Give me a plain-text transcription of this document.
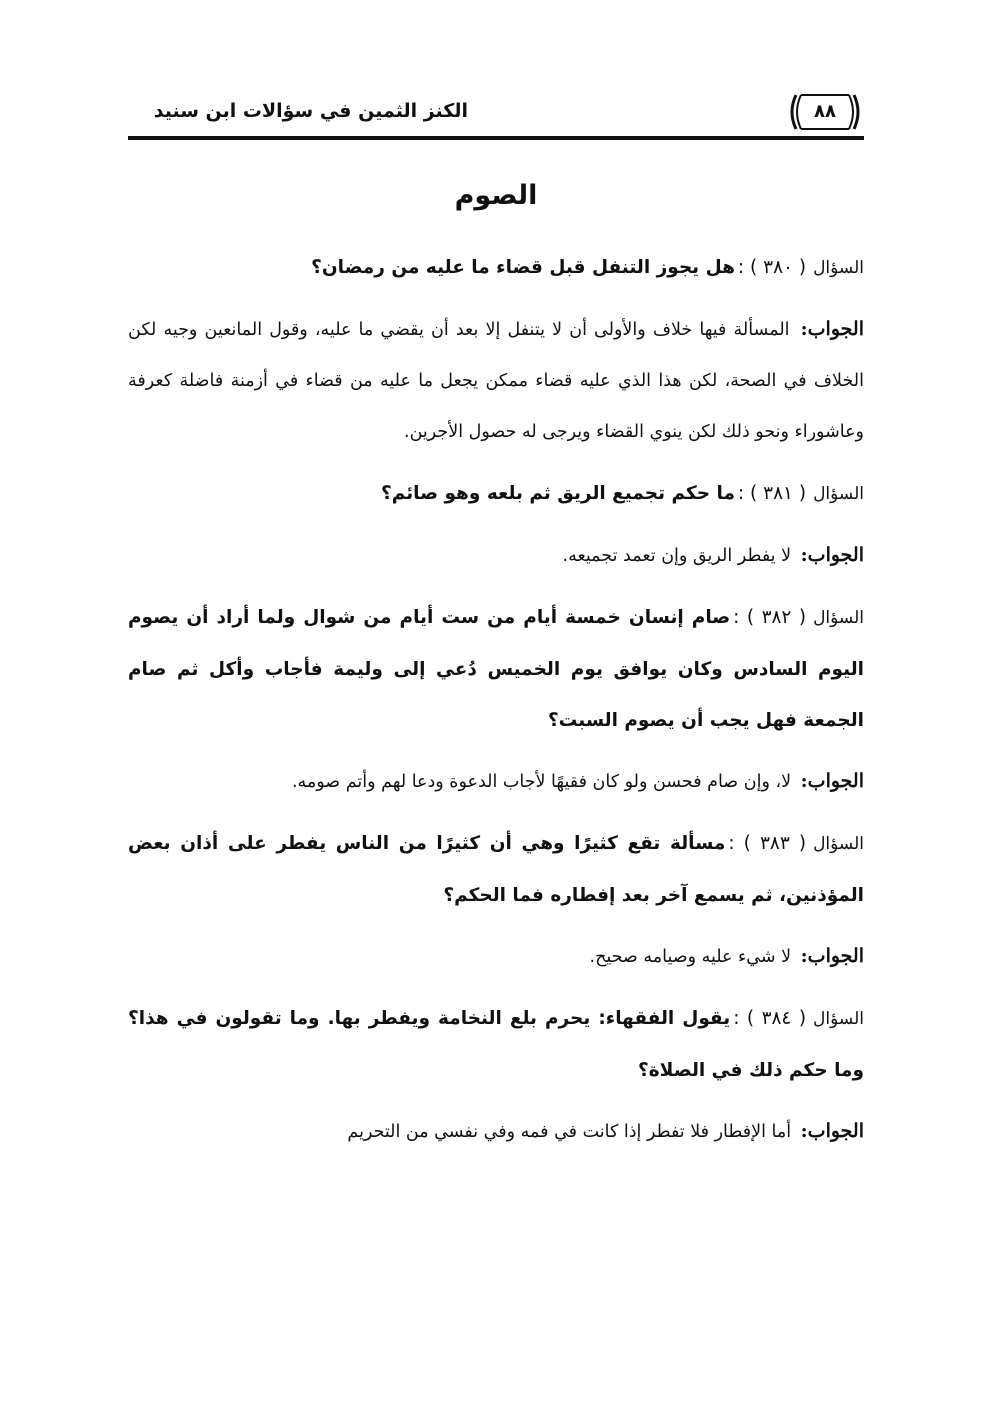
٨٨
الكنز الثمين في سؤالات ابن سنيد
الصوم

السؤال( ٣٨٠ ) :هل يجوز التنفل قبل قضاء ما عليه من رمضان؟

الجواب: المسألة فيها خلاف والأولى أن لا يتنفل إلا بعد أن يقضي ما عليه، وقول المانعين وجيه لكن الخلاف في الصحة، لكن هذا الذي عليه قضاء ممكن يجعل ما عليه من قضاء في أزمنة فاضلة كعرفة وعاشوراء ونحو ذلك لكن ينوي القضاء ويرجى له حصول الأجرين.

السؤال( ٣٨١ ) :ما حكم تجميع الريق ثم بلعه وهو صائم؟

الجواب: لا يفطر الريق وإن تعمد تجميعه.

السؤال( ٣٨٢ ) :صام إنسان خمسة أيام من ست أيام من شوال ولما أراد أن يصوم اليوم السادس وكان يوافق يوم الخميس دُعي إلى وليمة فأجاب وأكل ثم صام الجمعة فهل يجب أن يصوم السبت؟

الجواب: لا، وإن صام فحسن ولو كان فقيهًا لأجاب الدعوة ودعا لهم وأتم صومه.

السؤال( ٣٨٣ ) :مسألة تقع كثيرًا وهي أن كثيرًا من الناس يفطر على أذان بعض المؤذنين، ثم يسمع آخر بعد إفطاره فما الحكم؟

الجواب: لا شيء عليه وصيامه صحيح.

السؤال( ٣٨٤ ) :يقول الفقهاء: يحرم بلع النخامة ويفطر بها. وما تقولون في هذا؟ وما حكم ذلك في الصلاة؟

الجواب: أما الإفطار فلا تفطر إذا كانت في فمه وفي نفسي من التحريم
